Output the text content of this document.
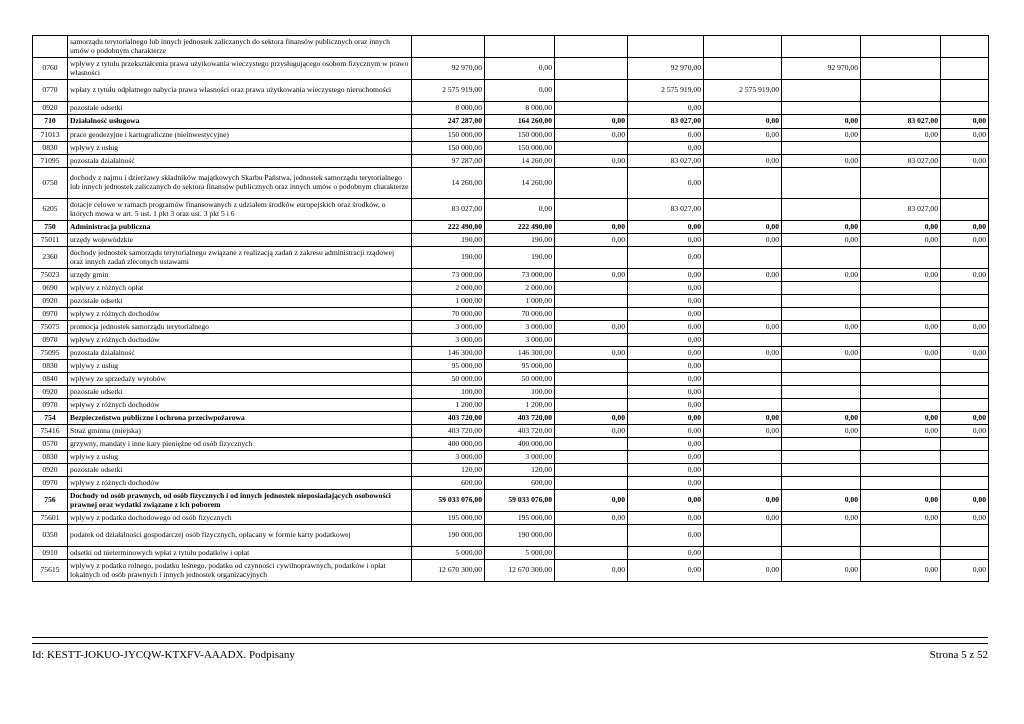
	samorządu terytorialnego lub innych jednostek zaliczanych do sektora finansów publicznych oraz innych umów o podobnym charakterze								
0760	wpływy z tytułu przekształcenia prawa użytkowania wieczystego przysługującego osobom fizycznym w prawo własności	92 970,00	0,00		92 970,00		92 970,00		
0770	wpłaty z tytułu odpłatnego nabycia prawa własności oraz prawa użytkowania wieczystego nieruchomości	2 575 919,00	0,00		2 575 919,00	2 575 919,00			
0920	pozostałe odsetki	8 000,00	8 000,00		0,00				
710	Działalność usługowa	247 287,00	164 260,00	0,00	83 027,00	0,00	0,00	83 027,00	0,00
71013	prace geodezyjne i kartograficzne (nieinwestycyjne)	150 000,00	150 000,00	0,00	0,00	0,00	0,00	0,00	0,00
0830	wpływy z usług	150 000,00	150 000,00		0,00				
71095	pozostała działalność	97 287,00	14 260,00	0,00	83 027,00	0,00	0,00	83 027,00	0,00
0750	dochody z najmu i dzierżawy składników majątkowych Skarbu Państwa, jednostek samorządu terytorialnego lub innych jednostek zaliczanych do sektora finansów publicznych oraz innych umów o podobnym charakterze	14 260,00	14 260,00		0,00				
6205	dotacje celowe w ramach programów finansowanych z udziałem środków europejskich oraz środków, o których mowa w art. 5 ust. 1 pkt 3 oraz ust. 3 pkt 5 i 6	83 027,00	0,00		83 027,00			83 027,00	
750	Administracja publiczna	222 490,00	222 490,00	0,00	0,00	0,00	0,00	0,00	0,00
75011	urzędy wojewódzkie	190,00	190,00	0,00	0,00	0,00	0,00	0,00	0,00
2360	dochody jednostek samorządu terytorialnego związane z realizacją zadań z zakresu administracji rządowej oraz innych zadań zleconych ustawami	190,00	190,00		0,00				
75023	urzędy gmin	73 000,00	73 000,00	0,00	0,00	0,00	0,00	0,00	0,00
0690	wpływy z różnych opłat	2 000,00	2 000,00		0,00				
0920	pozostałe odsetki	1 000,00	1 000,00		0,00				
0970	wpływy z różnych dochodów	70 000,00	70 000,00		0,00				
75075	promocja jednostek samorządu terytorialnego	3 000,00	3 000,00	0,00	0,00	0,00	0,00	0,00	0,00
0970	wpływy z różnych dochodów	3 000,00	3 000,00		0,00				
75095	pozostała działalność	146 300,00	146 300,00	0,00	0,00	0,00	0,00	0,00	0,00
0830	wpływy z usług	95 000,00	95 000,00		0,00				
0840	wpływy ze sprzedaży wyrobów	50 000,00	50 000,00		0,00				
0920	pozostałe odsetki	100,00	100,00		0,00				
0970	wpływy z różnych dochodów	1 200,00	1 200,00		0,00				
754	Bezpieczeństwo publiczne i ochrona przeciwpożarowa	403 720,00	403 720,00	0,00	0,00	0,00	0,00	0,00	0,00
75416	Straż gminna (miejska)	403 720,00	403 720,00	0,00	0,00	0,00	0,00	0,00	0,00
0570	grzywny, mandaty i inne kary pieniężne od osób fizycznych	400 000,00	400 000,00		0,00				
0830	wpływy z usług	3 000,00	3 000,00		0,00				
0920	pozostałe odsetki	120,00	120,00		0,00				
0970	wpływy z różnych dochodów	600,00	600,00		0,00				
756	Dochody od osób prawnych, od osób fizycznych i od innych jednostek nieposiadających osobowości prawnej oraz wydatki związane z ich poborem	59 033 076,00	59 033 076,00	0,00	0,00	0,00	0,00	0,00	0,00
75601	wpływy z podatku dochodowego od osób fizycznych	195 000,00	195 000,00	0,00	0,00	0,00	0,00	0,00	0,00
0350	podatek od działalności gospodarczej osób fizycznych, opłacany w formie karty podatkowej	190 000,00	190 000,00		0,00				
0910	odsetki od nieterminowych wpłat z tytułu podatków i opłat	5 000,00	5 000,00		0,00				
75615	wpływy z podatku rolnego, podatku leśnego, podatku od czynności cywilnoprawnych, podatków i opłat lokalnych od osób prawnych i innych jednostek organizacyjnych	12 670 300,00	12 670 300,00	0,00	0,00	0,00	0,00	0,00	0,00
Id: KESTT-JOKUO-JYCQW-KTXFV-AAADX. Podpisany	Strona 5 z 52
